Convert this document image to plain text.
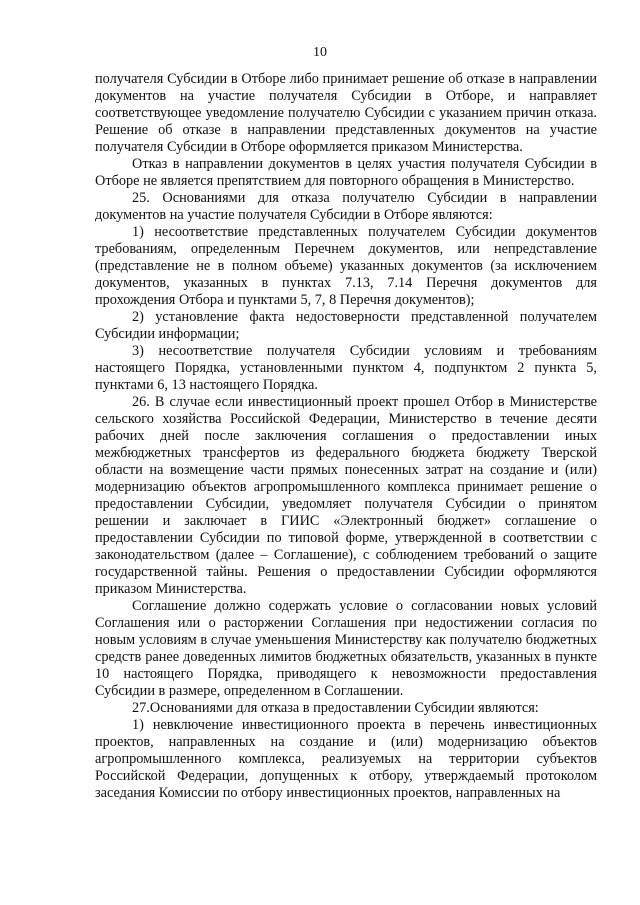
10

получателя Субсидии в Отборе либо принимает решение об отказе в направлении документов на участие получателя Субсидии в Отборе, и направляет соответствующее уведомление получателю Субсидии с указанием причин отказа. Решение об отказе в направлении представленных документов на участие получателя Субсидии в Отборе оформляется приказом Министерства.

Отказ в направлении документов в целях участия получателя Субсидии в Отборе не является препятствием для повторного обращения в Министерство.

25. Основаниями для отказа получателю Субсидии в направлении документов на участие получателя Субсидии в Отборе являются:

1) несоответствие представленных получателем Субсидии документов требованиям, определенным Перечнем документов, или непредставление (представление не в полном объеме) указанных документов (за исключением документов, указанных в пунктах 7.13, 7.14 Перечня документов для прохождения Отбора и пунктами 5, 7, 8 Перечня документов);

2) установление факта недостоверности представленной получателем Субсидии информации;

3) несоответствие получателя Субсидии условиям и требованиям настоящего Порядка, установленными пунктом 4, подпунктом 2 пункта 5, пунктами 6, 13 настоящего Порядка.

26. В случае если инвестиционный проект прошел Отбор в Министерстве сельского хозяйства Российской Федерации, Министерство в течение десяти рабочих дней после заключения соглашения о предоставлении иных межбюджетных трансфертов из федерального бюджета бюджету Тверской области на возмещение части прямых понесенных затрат на создание и (или) модернизацию объектов агропромышленного комплекса принимает решение о предоставлении Субсидии, уведомляет получателя Субсидии о принятом решении и заключает в ГИИС «Электронный бюджет» соглашение о предоставлении Субсидии по типовой форме, утвержденной в соответствии с законодательством (далее – Соглашение), с соблюдением требований о защите государственной тайны. Решения о предоставлении Субсидии оформляются приказом Министерства.

Соглашение должно содержать условие о согласовании новых условий Соглашения или о расторжении Соглашения при недостижении согласия по новым условиям в случае уменьшения Министерству как получателю бюджетных средств ранее доведенных лимитов бюджетных обязательств, указанных в пункте 10 настоящего Порядка, приводящего к невозможности предоставления Субсидии в размере, определенном в Соглашении.

27.Основаниями для отказа в предоставлении Субсидии являются:

1) невключение инвестиционного проекта в перечень инвестиционных проектов, направленных на создание и (или) модернизацию объектов агропромышленного комплекса, реализуемых на территории субъектов Российской Федерации, допущенных к отбору, утверждаемый протоколом заседания Комиссии по отбору инвестиционных проектов, направленных на
